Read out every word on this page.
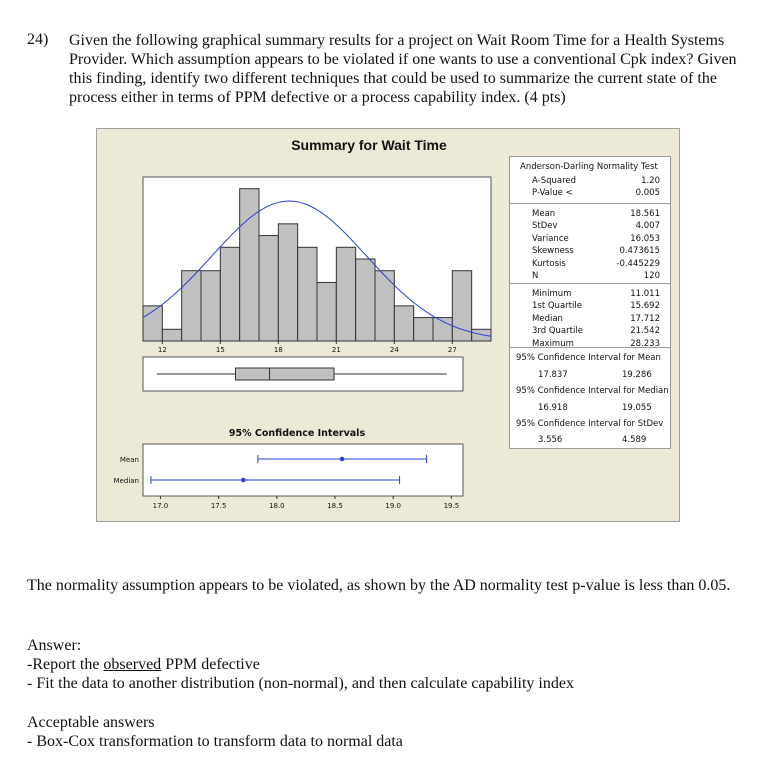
24) Given the following graphical summary results for a project on Wait Room Time for a Health Systems Provider. Which assumption appears to be violated if one wants to use a conventional Cpk index? Given this finding, identify two different techniques that could be used to summarize the current state of the process either in terms of PPM defective or a process capability index. (4 pts)
Summary for Wait Time
12	15	18	21	24	27
95% Confidence Intervals
Mean
Median
17.0	17.5	18.0	18.5	19.0	19.5
Anderson-Darling Normality Test
A-Squared	1.20
P-Value <	0.005
Mean	18.561
StDev	4.007
Variance	16.053
Skewness	0.473615
Kurtosis	-0.445229
N	120
Minimum	11.011
1st Quartile	15.692
Median	17.712
3rd Quartile	21.542
Maximum	28.233
95% Confidence Interval for Mean
17.837	19.286
95% Confidence Interval for Median
16.918	19.055
95% Confidence Interval for StDev
3.556	4.589
The normality assumption appears to be violated, as shown by the AD normality test p-value is less than 0.05.
Answer:
-Report the observed PPM defective
- Fit the data to another distribution (non-normal), and then calculate capability index
Acceptable answers
- Box-Cox transformation to transform data to normal data
